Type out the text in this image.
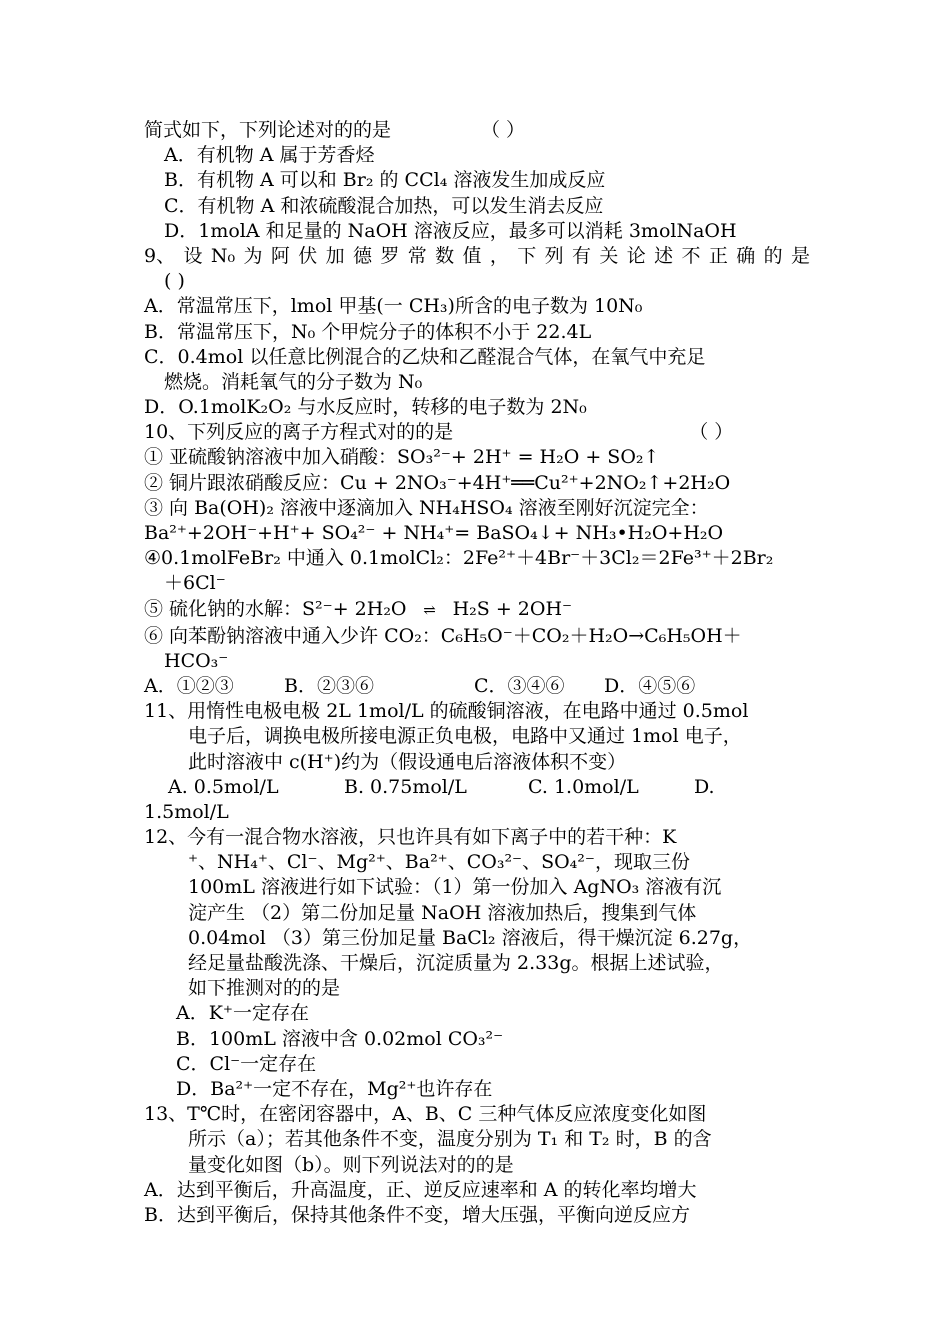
简式如下，下列论述对的的是	（ ）
A．有机物 A 属于芳香烃
B．有机物 A 可以和 Br₂ 的 CCl₄ 溶液发生加成反应
C．有机物 A 和浓硫酸混合加热，可以发生消去反应
D．1molA 和足量的 NaOH 溶液反应，最多可以消耗 3molNaOH
9、 设 N₀ 为 阿 伏 加 德 罗 常 数 值 ， 下 列 有 关 论 述 不 正 确 的 是
( )
A．常温常压下，lmol 甲基(一 CH₃)所含的电子数为 10N₀
B．常温常压下，N₀ 个甲烷分子的体积不小于 22.4L
C．0.4mol 以任意比例混合的乙炔和乙醛混合气体，在氧气中充足
燃烧。消耗氧气的分子数为 N₀
D．O.1molK₂O₂ 与水反应时，转移的电子数为 2N₀
10、下列反应的离子方程式对的的是	（ ）
① 亚硫酸钠溶液中加入硝酸：SO₃²⁻+ 2H⁺ = H₂O + SO₂↑
② 铜片跟浓硝酸反应：Cu + 2NO₃⁻+4H⁺══Cu²⁺+2NO₂↑+2H₂O
③ 向 Ba(OH)₂ 溶液中逐滴加入 NH₄HSO₄ 溶液至刚好沉淀完全：
Ba²⁺+2OH⁻+H⁺+ SO₄²⁻ + NH₄⁺= BaSO₄↓+ NH₃•H₂O+H₂O
④0.1molFeBr₂ 中通入 0.1molCl₂：2Fe²⁺＋4Br⁻＋3Cl₂＝2Fe³⁺＋2Br₂
＋6Cl⁻
⑤ 硫化钠的水解：S²⁻+ 2H₂O ⇌ H₂S + 2OH⁻
⑥ 向苯酚钠溶液中通入少许 CO₂：C₆H₅O⁻＋CO₂＋H₂O→C₆H₅OH＋
HCO₃⁻
A．①②③	B．②③⑥	C．③④⑥	D．④⑤⑥
11、用惰性电极电极 2L 1mol/L 的硫酸铜溶液，在电路中通过 0.5mol
电子后，调换电极所接电源正负电极，电路中又通过 1mol 电子，
此时溶液中 c(H⁺)约为（假设通电后溶液体积不变）
A. 0.5mol/L	B. 0.75mol/L	C. 1.0mol/L	D.
1.5mol/L
12、今有一混合物水溶液，只也许具有如下离子中的若干种：K
⁺、NH₄⁺、Cl⁻、Mg²⁺、Ba²⁺、CO₃²⁻、SO₄²⁻，现取三份
100mL 溶液进行如下试验：（1）第一份加入 AgNO₃ 溶液有沉
淀产生 （2）第二份加足量 NaOH 溶液加热后，搜集到气体
0.04mol （3）第三份加足量 BaCl₂ 溶液后，得干燥沉淀 6.27g，
经足量盐酸洗涤、干燥后，沉淀质量为 2.33g。根据上述试验，
如下推测对的的是
A．K⁺一定存在
B．100mL 溶液中含 0.02mol CO₃²⁻
C．Cl⁻一定存在
D．Ba²⁺一定不存在，Mg²⁺也许存在
13、T℃时，在密闭容器中，A、B、C 三种气体反应浓度变化如图
所示（a）；若其他条件不变，温度分别为 T₁ 和 T₂ 时，B 的含
量变化如图（b）。则下列说法对的的是
A．达到平衡后，升高温度，正、逆反应速率和 A 的转化率均增大
B．达到平衡后，保持其他条件不变，增大压强，平衡向逆反应方
